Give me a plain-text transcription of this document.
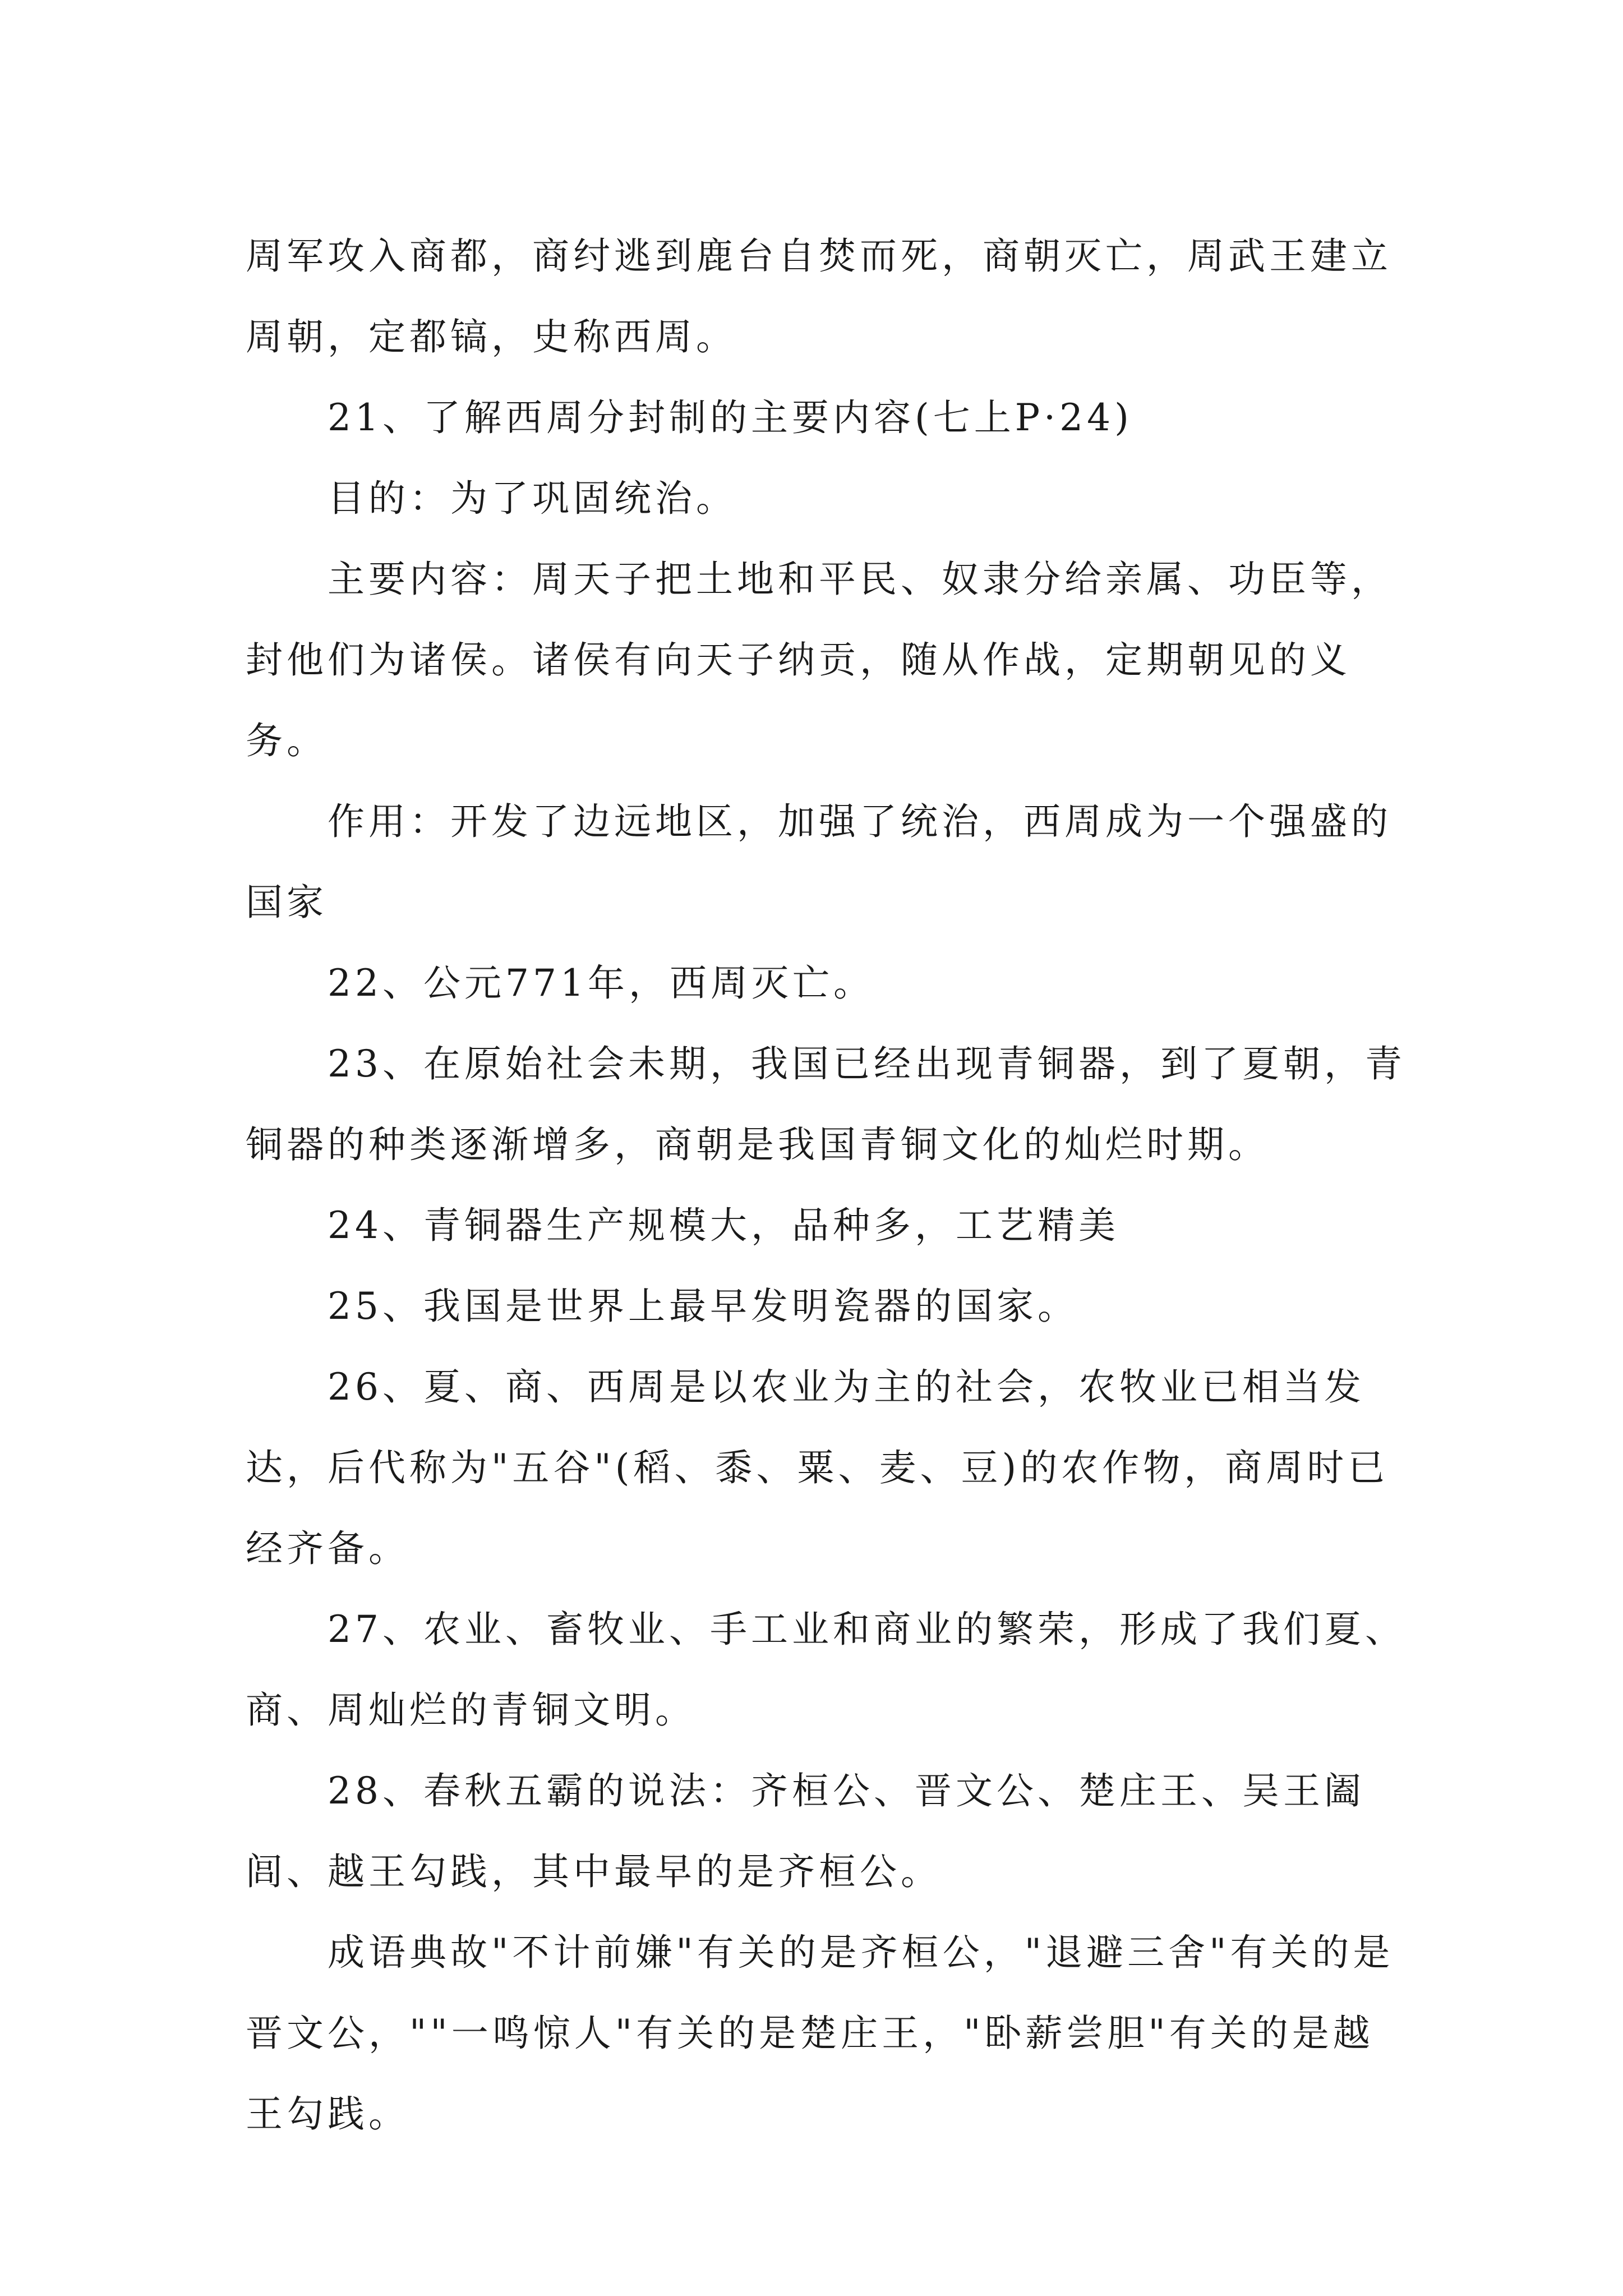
周军攻入商都，商纣逃到鹿台自焚而死，商朝灭亡，周武王建立周朝，定都镐，史称西周。

21、了解西周分封制的主要内容(七上P·24)

目的：为了巩固统治。

主要内容：周天子把土地和平民、奴隶分给亲属、功臣等，封他们为诸侯。诸侯有向天子纳贡，随从作战，定期朝见的义务。

作用：开发了边远地区，加强了统治，西周成为一个强盛的国家

22、公元771年，西周灭亡。

23、在原始社会未期，我国已经出现青铜器，到了夏朝，青铜器的种类逐渐增多，商朝是我国青铜文化的灿烂时期。

24、青铜器生产规模大，品种多，工艺精美

25、我国是世界上最早发明瓷器的国家。

26、夏、商、西周是以农业为主的社会，农牧业已相当发达，后代称为"五谷"(稻、黍、粟、麦、豆)的农作物，商周时已经齐备。

27、农业、畜牧业、手工业和商业的繁荣，形成了我们夏、商、周灿烂的青铜文明。

28、春秋五霸的说法：齐桓公、晋文公、楚庄王、吴王阖闾、越王勾践，其中最早的是齐桓公。

成语典故"不计前嫌"有关的是齐桓公，"退避三舍"有关的是晋文公，""一鸣惊人"有关的是楚庄王，"卧薪尝胆"有关的是越王勾践。
